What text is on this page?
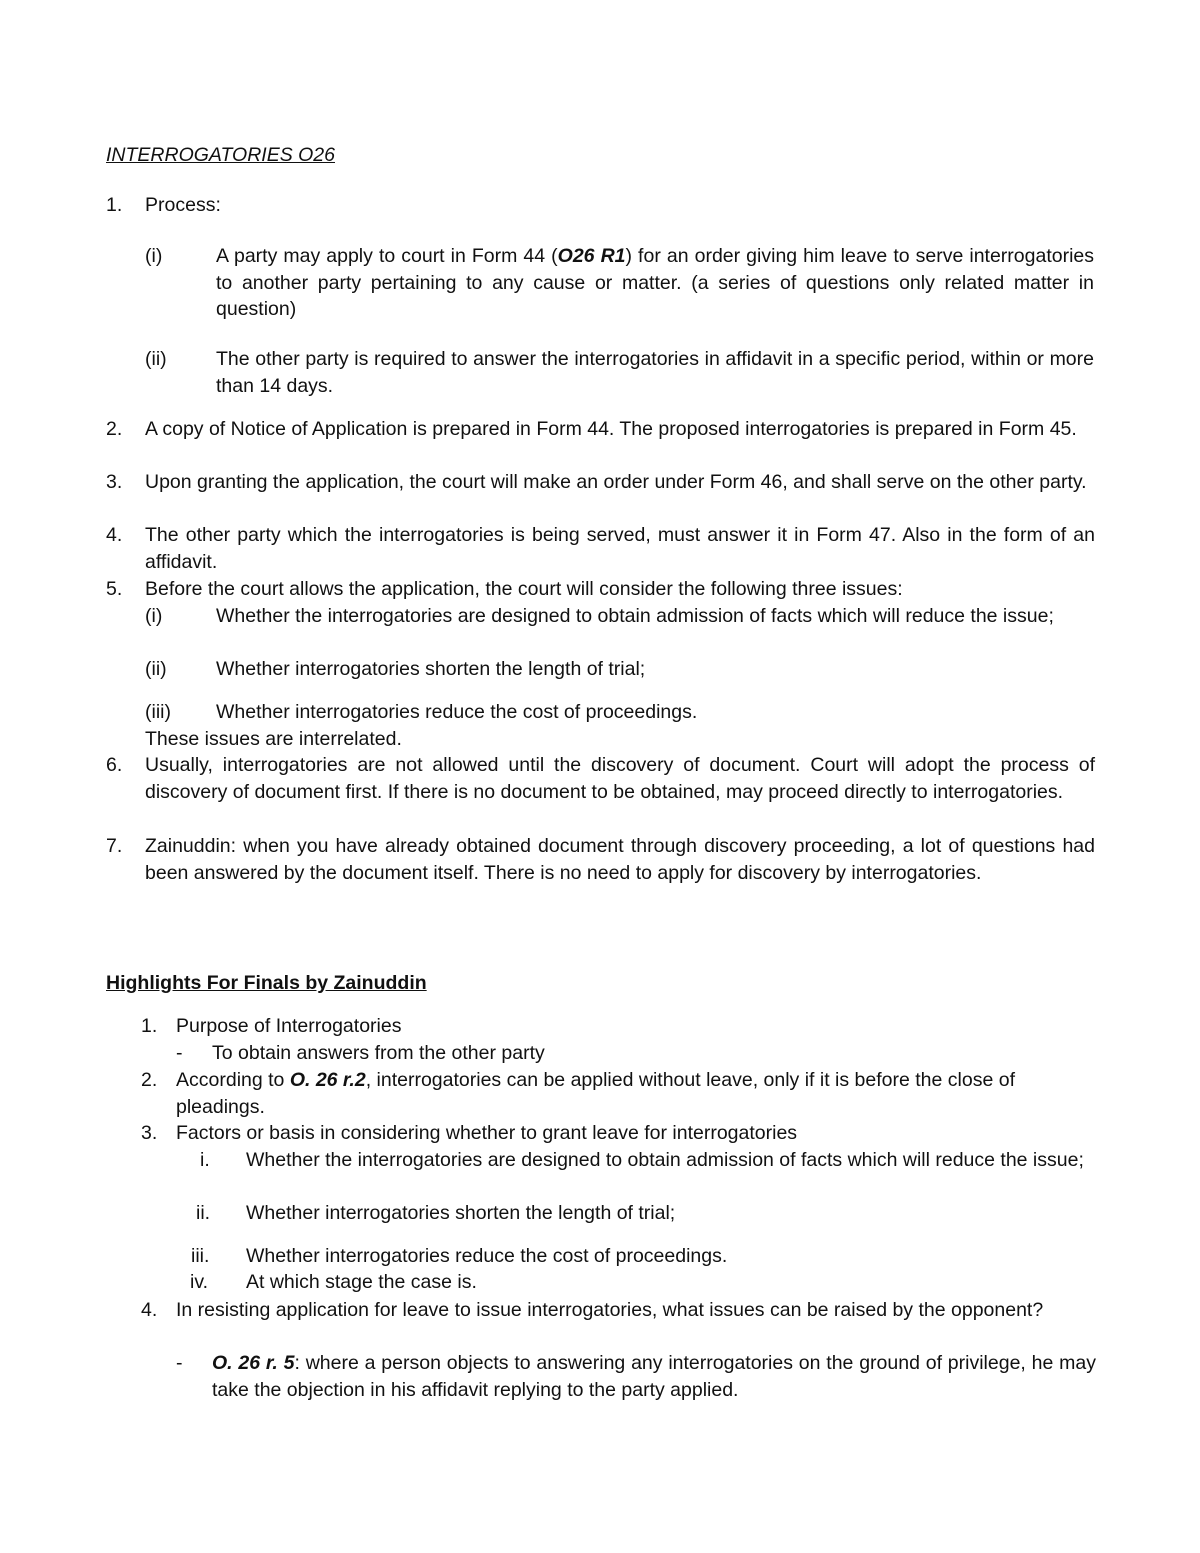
INTERROGATORIES O26

1. Process:
(i)	A party may apply to court in Form 44 (O26 R1) for an order giving him leave to serve interrogatories to another party pertaining to any cause or matter. (a series of questions only related matter in question)
(ii)	The other party is required to answer the interrogatories in affidavit in a specific period, within or more than 14 days.
2. A copy of Notice of Application is prepared in Form 44. The proposed interrogatories is prepared in Form 45.
3. Upon granting the application, the court will make an order under Form 46, and shall serve on the other party.
4. The other party which the interrogatories is being served, must answer it in Form 47. Also in the form of an affidavit.
5. Before the court allows the application, the court will consider the following three issues:
(i)	Whether the interrogatories are designed to obtain admission of facts which will reduce the issue;
(ii)	Whether interrogatories shorten the length of trial;
(iii) Whether interrogatories reduce the cost of proceedings.

These issues are interrelated.

6. Usually, interrogatories are not allowed until the discovery of document. Court will adopt the process of discovery of document first. If there is no document to be obtained, may proceed directly to interrogatories.
7. Zainuddin: when you have already obtained document through discovery proceeding, a lot of questions had been answered by the document itself. There is no need to apply for discovery by interrogatories.

Highlights For Finals by Zainuddin

1. Purpose of Interrogatories
- To obtain answers from the other party
2. According to O. 26 r.2, interrogatories can be applied without leave, only if it is before the close of pleadings.
3. Factors or basis in considering whether to grant leave for interrogatories
i. Whether the interrogatories are designed to obtain admission of facts which will reduce the issue;
ii. Whether interrogatories shorten the length of trial;
iii. Whether interrogatories reduce the cost of proceedings.
iv. At which stage the case is.
4. In resisting application for leave to issue interrogatories, what issues can be raised by the opponent?
- O. 26 r. 5: where a person objects to answering any interrogatories on the ground of privilege, he may take the objection in his affidavit replying to the party applied.
